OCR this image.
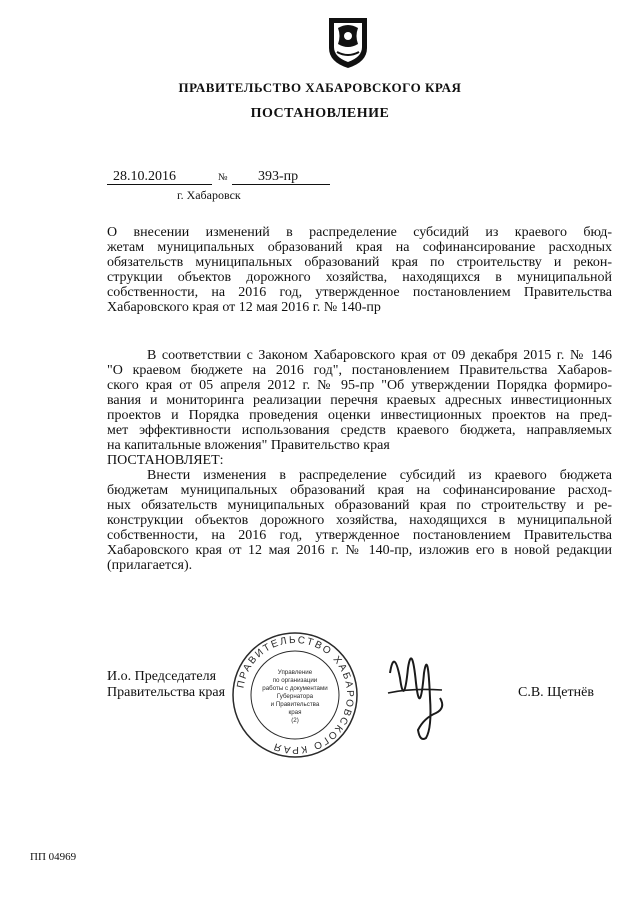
ПРАВИТЕЛЬСТВО ХАБАРОВСКОГО КРАЯ
ПОСТАНОВЛЕНИЕ
28.10.2016	№ 393-пр
г. Хабаровск
О внесении изменений в распределение субсидий из краевого бюд-
жетам муниципальных образований края на софинансирование расходных
обязательств муниципальных образований края по строительству и рекон-
струкции объектов дорожного хозяйства, находящихся в муниципальной
собственности, на 2016 год, утвержденное постановлением Правительства
Хабаровского края от 12 мая 2016 г. № 140-пр
В соответствии с Законом Хабаровского края от 09 декабря 2015 г. № 146
"О краевом бюджете на 2016 год", постановлением Правительства Хабаров-
ского края от 05 апреля 2012 г. № 95-пр "Об утверждении Порядка формиро-
вания и мониторинга реализации перечня краевых адресных инвестиционных
проектов и Порядка проведения оценки инвестиционных проектов на пред-
мет эффективности использования средств краевого бюджета, направляемых
на капитальные вложения" Правительство края
ПОСТАНОВЛЯЕТ:
Внести изменения в распределение субсидий из краевого бюджета
бюджетам муниципальных образований края на софинансирование расход-
ных обязательств муниципальных образований края по строительству и ре-
конструкции объектов дорожного хозяйства, находящихся в муниципальной
собственности, на 2016 год, утвержденное постановлением Правительства
Хабаровского края от 12 мая 2016 г. № 140-пр, изложив его в новой редакции
(прилагается).
И.о. Председателя
Правительства края	С.В. Щетнёв
ПРАВИТЕЛЬСТВО ХАБАРОВСКОГО КРАЯ
Управление
по организации
работы с документами
Губернатора
и Правительства
края
(2)
ПП 04969
